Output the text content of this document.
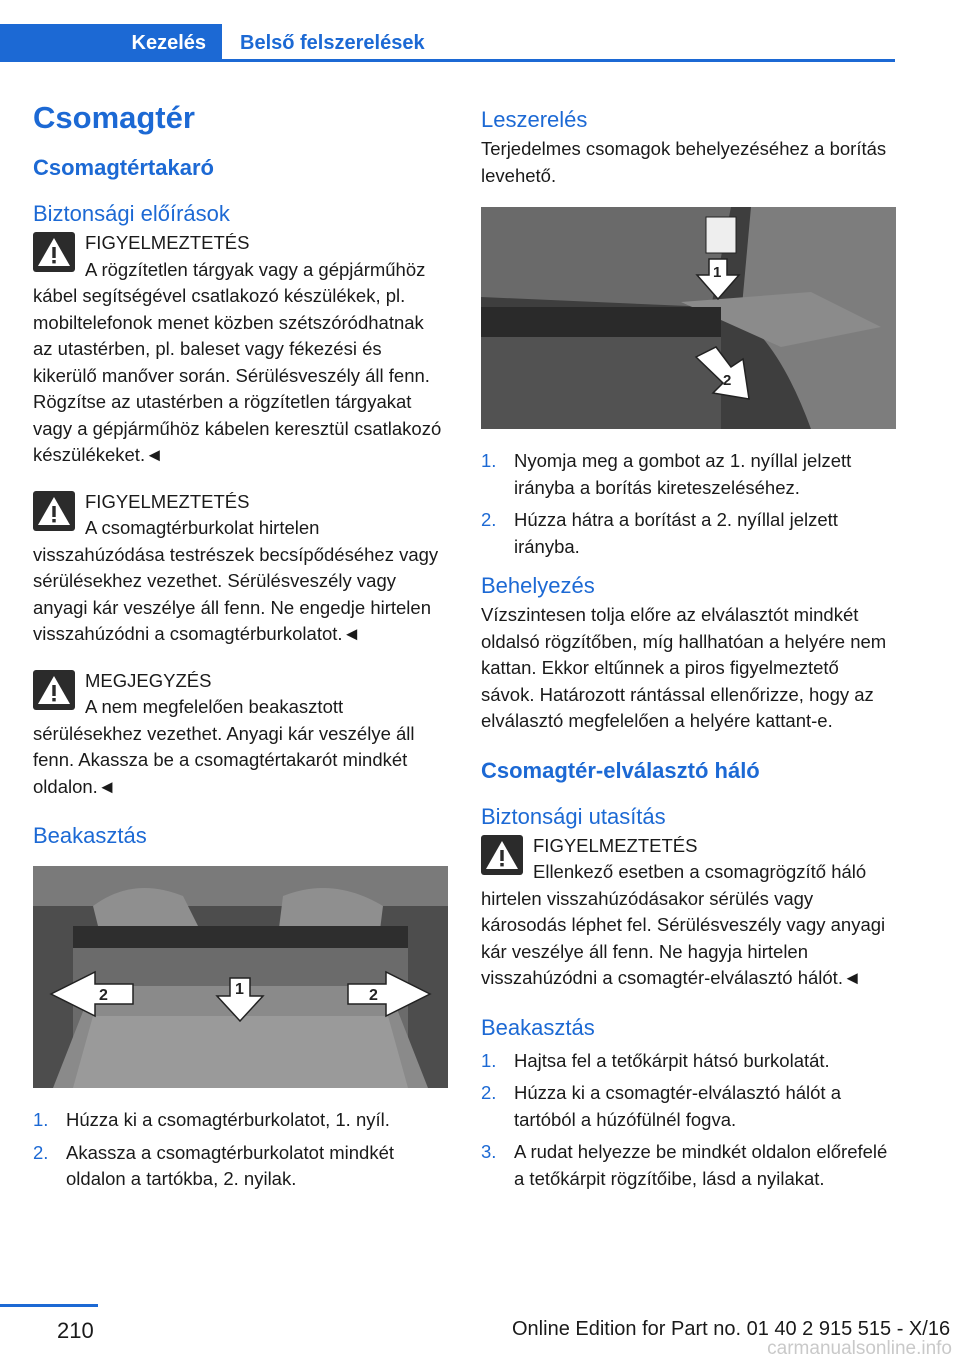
Kezelés	Belső felszerelések
Csomagtér
Csomagtértakaró
Biztonsági előírások
FIGYELMEZTETÉS

A rögzítetlen tárgyak vagy a gépjárműhöz kábel segítségével csatlakozó készülékek, pl. mobiltelefonok menet közben szétszóródhatnak az utastérben, pl. baleset vagy fékezési és kikerülő manőver során. Sérülésveszély áll fenn. Rögzítse az utastérben a rögzítetlen tárgyakat vagy a gépjárműhöz kábelen keresztül csatlakozó készülékeket.◄

FIGYELMEZTETÉS

A csomagtérburkolat hirtelen visszahúzódása testrészek becsípődéséhez vagy sérülésekhez vezethet. Sérülésveszély vagy anyagi kár veszélye áll fenn. Ne engedje hirtelen visszahúzódni a csomagtérburkolatot.◄

MEGJEGYZÉS

A nem megfelelően beakasztott sérülésekhez vezethet. Anyagi kár veszélye áll fenn. Akassza be a csomagtértakarót mindkét oldalon.◄

Beakasztás
2	1	2
1. Húzza ki a csomagtérburkolatot, 1. nyíl.
2. Akassza a csomagtérburkolatot mindkét oldalon a tartókba, 2. nyilak.
Leszerelés

Terjedelmes csomagok behelyezéséhez a borítás levehető.

1
2
1. Nyomja meg a gombot az 1. nyíllal jelzett irányba a borítás kireteszeléséhez.
2. Húzza hátra a borítást a 2. nyíllal jelzett irányba.
Behelyezés

Vízszintesen tolja előre az elválasztót mindkét oldalsó rögzítőben, míg hallhatóan a helyére nem kattan. Ekkor eltűnnek a piros figyelmeztető sávok. Határozott rántással ellenőrizze, hogy az elválasztó megfelelően a helyére kattant-e.

Csomagtér-elválasztó háló
Biztonsági utasítás
FIGYELMEZTETÉS

Ellenkező esetben a csomagrögzítő háló hirtelen visszahúzódásakor sérülés vagy károsodás léphet fel. Sérülésveszély vagy anyagi kár veszélye áll fenn. Ne hagyja hirtelen visszahúzódni a csomagtér-elválasztó hálót.◄

Beakasztás
1. Hajtsa fel a tetőkárpit hátsó burkolatát.
2. Húzza ki a csomagtér-elválasztó hálót a tartóból a húzófülnél fogva.
3. A rudat helyezze be mindkét oldalon előrefelé a tetőkárpit rögzítőibe, lásd a nyilakat.
210	Online Edition for Part no. 01 40 2 915 515 - X/16
carmanualsonline.info
